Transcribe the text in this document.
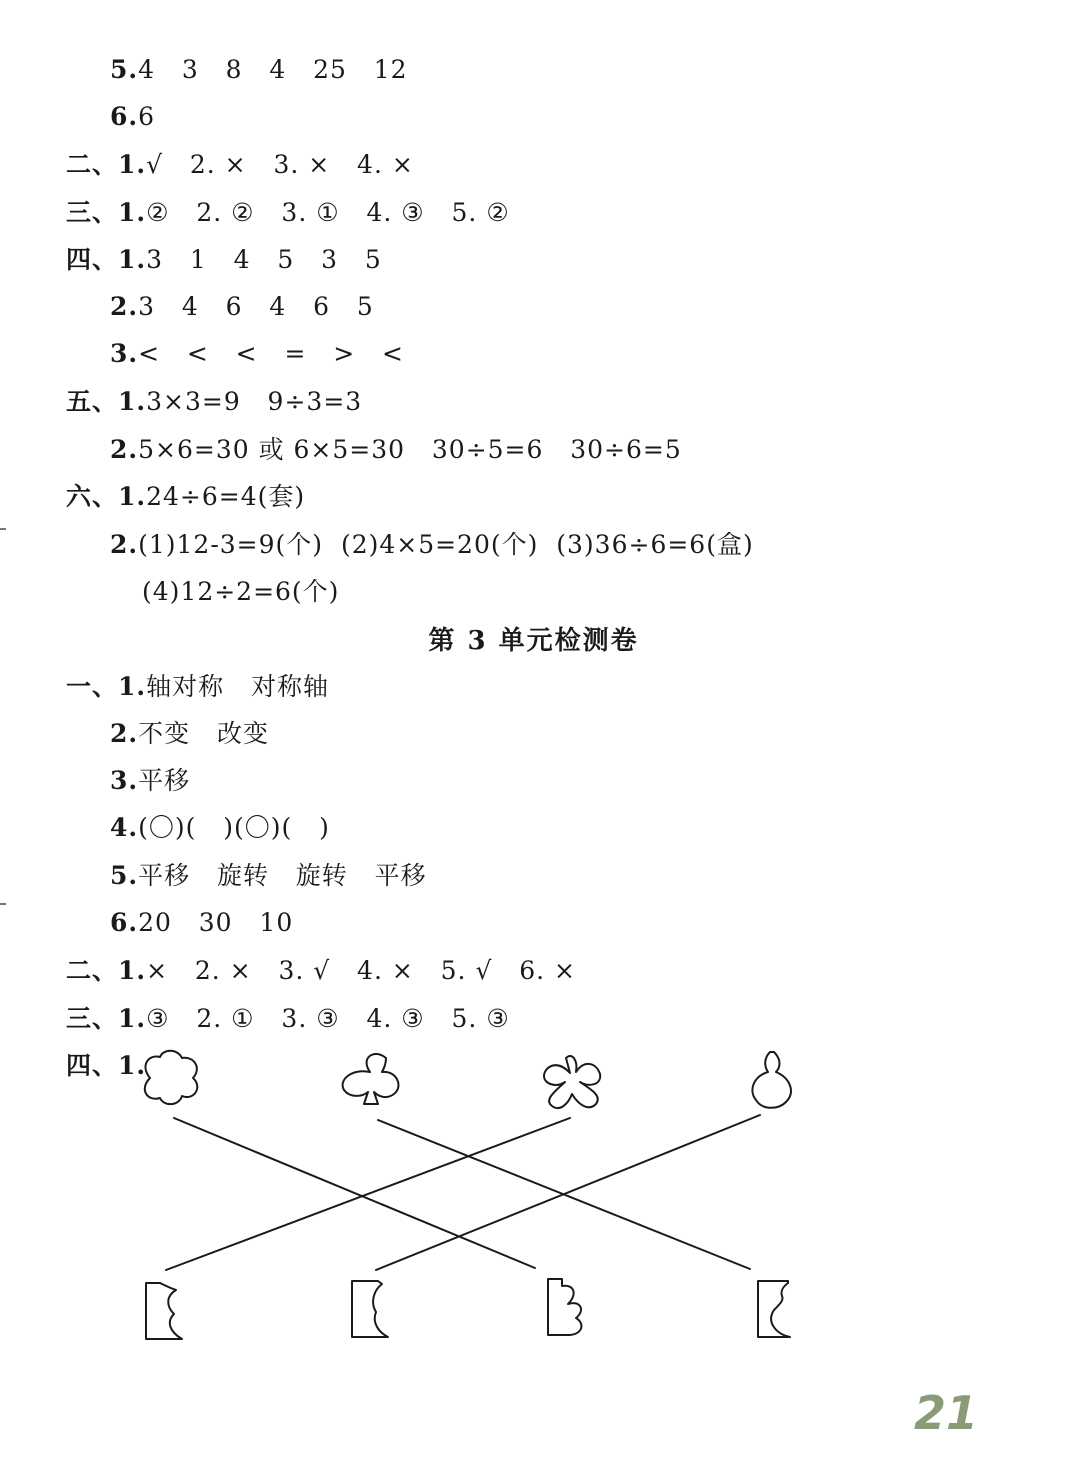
5.4   3   8   4   25   12
6.6
二、1.√   2. ×   3. ×   4. ×
三、1.②   2. ②   3. ①   4. ③   5. ②
四、1.3   1   4   5   3   5
2.3   4   6   4   6   5
3.<   <   <   =   >   <
五、1.3×3=9   9÷3=3
2.5×6=30 或 6×5=30   30÷5=6   30÷6=5
六、1.24÷6=4(套)
2.(1)12-3=9(个)  (2)4×5=20(个)  (3)36÷6=6(盒)
(4)12÷2=6(个)
一、1.轴对称   对称轴
2.不变   改变
3.平移
4.(〇)(   )(〇)(   )
5.平移   旋转   旋转   平移
6.20   30   10
二、1.×   2. ×   3. √   4. ×   5. √   6. ×
三、1.③   2. ①   3. ③   4. ③   5. ③
四、1.
第 3 单元检测卷
21
